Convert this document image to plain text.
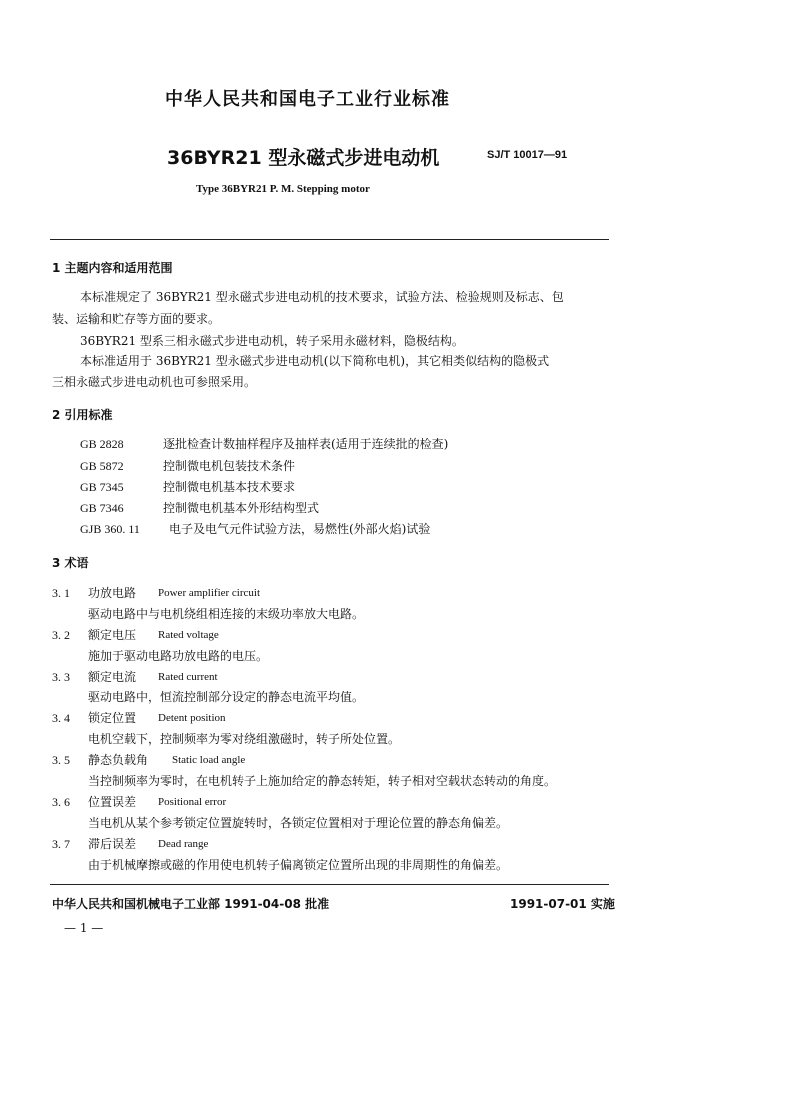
中华人民共和国电子工业行业标准
36BYR21 型永磁式步进电动机	SJ/T 10017—91
Type 36BYR21 P. M. Stepping motor
1 主题内容和适用范围
本标准规定了 36BYR21 型永磁式步进电动机的技术要求，试验方法、检验规则及标志、包
装、运输和贮存等方面的要求。
36BYR21 型系三相永磁式步进电动机，转子采用永磁材料，隐极结构。
本标准适用于 36BYR21 型永磁式步进电动机(以下简称电机)，其它相类似结构的隐极式
三相永磁式步进电动机也可参照采用。
2 引用标准
GB 2828	逐批检查计数抽样程序及抽样表(适用于连续批的检查)
GB 5872	控制微电机包装技术条件
GB 7345	控制微电机基本技术要求
GB 7346	控制微电机基本外形结构型式
GJB 360. 11 电子及电气元件试验方法，易燃性(外部火焰)试验
3 术语
3. 1 功放电路 Power amplifier circuit
驱动电路中与电机绕组相连接的末级功率放大电路。
3. 2 额定电压 Rated voltage
施加于驱动电路功放电路的电压。
3. 3 额定电流 Rated current
驱动电路中，恒流控制部分设定的静态电流平均值。
3. 4 锁定位置 Detent position
电机空载下，控制频率为零对绕组激磁时，转子所处位置。
3. 5 静态负载角 Static load angle
当控制频率为零时，在电机转子上施加给定的静态转矩，转子相对空载状态转动的角度。
3. 6 位置误差 Positional error
当电机从某个参考锁定位置旋转时，各锁定位置相对于理论位置的静态角偏差。
3. 7 滞后误差 Dead range
由于机械摩擦或磁的作用使电机转子偏离锁定位置所出现的非周期性的角偏差。
中华人民共和国机械电子工业部 1991-04-08 批准	1991-07-01 实施
— 1 —
